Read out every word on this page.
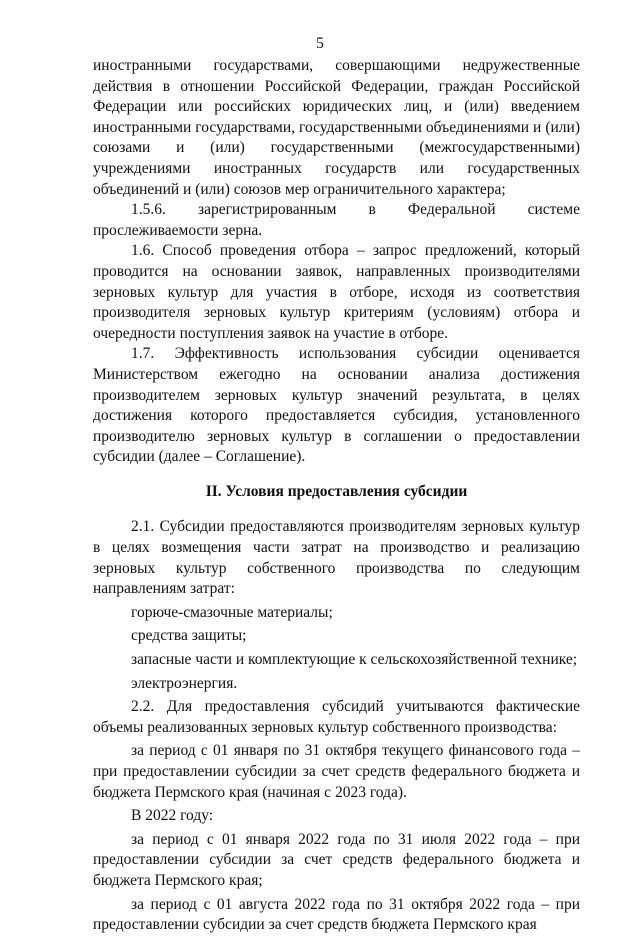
5

иностранными государствами, совершающими недружественные действия в отношении Российской Федерации, граждан Российской Федерации или российских юридических лиц, и (или) введением иностранными государствами, государственными объединениями и (или) союзами и (или) государственными (межгосударственными) учреждениями иностранных государств или государственных объединений и (или) союзов мер ограничительного характера;

1.5.6. зарегистрированным в Федеральной системе прослеживаемости зерна.

1.6. Способ проведения отбора – запрос предложений, который проводится на основании заявок, направленных производителями зерновых культур для участия в отборе, исходя из соответствия производителя зерновых культур критериям (условиям) отбора и очередности поступления заявок на участие в отборе.

1.7. Эффективность использования субсидии оценивается Министерством ежегодно на основании анализа достижения производителем зерновых культур значений результата, в целях достижения которого предоставляется субсидия, установленного производителю зерновых культур в соглашении о предоставлении субсидии (далее – Соглашение).

II. Условия предоставления субсидии

2.1. Субсидии предоставляются производителям зерновых культур в целях возмещения части затрат на производство и реализацию зерновых культур собственного производства по следующим направлениям затрат:

горюче-смазочные материалы;

средства защиты;

запасные части и комплектующие к сельскохозяйственной технике;

электроэнергия.

2.2. Для предоставления субсидий учитываются фактические объемы реализованных зерновых культур собственного производства:

за период с 01 января по 31 октября текущего финансового года – при предоставлении субсидии за счет средств федерального бюджета и бюджета Пермского края (начиная с 2023 года).

В 2022 году:

за период с 01 января 2022 года по 31 июля 2022 года – при предоставлении субсидии за счет средств федерального бюджета и бюджета Пермского края;

за период с 01 августа 2022 года по 31 октября 2022 года – при предоставлении субсидии за счет средств бюджета Пермского края
